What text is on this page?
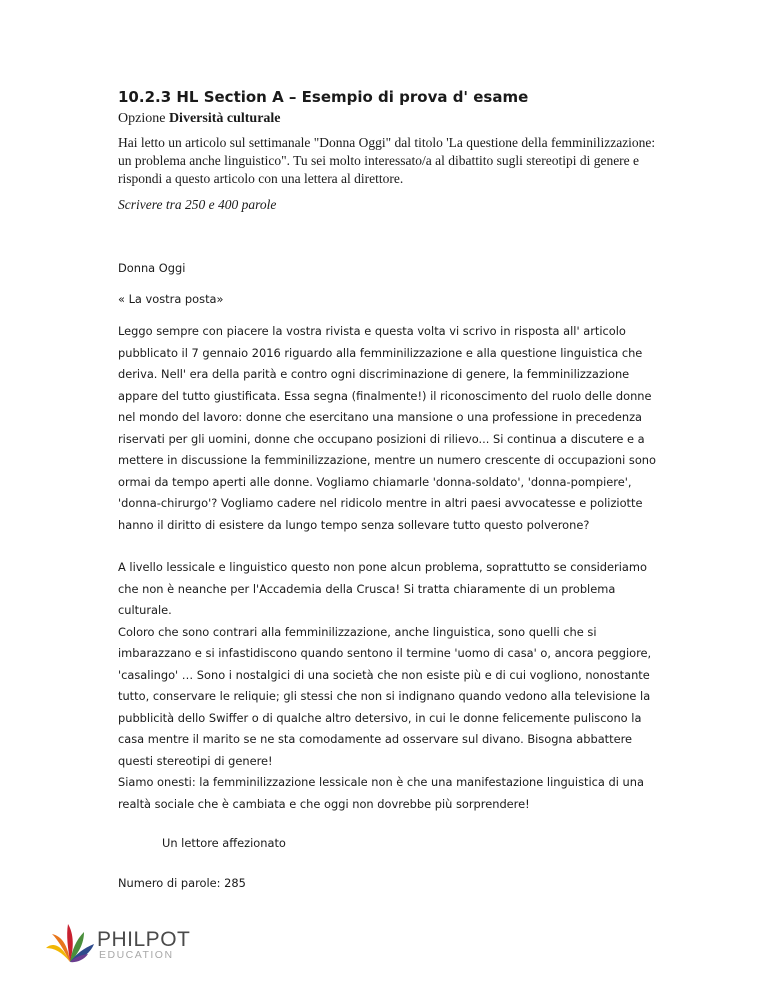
10.2.3 HL Section A – Esempio di prova d' esame
Opzione Diversità culturale
Hai letto un articolo sul settimanale "Donna Oggi" dal titolo 'La questione della femminilizzazione: un problema anche linguistico". Tu sei molto interessato/a al dibattito sugli stereotipi di genere e rispondi a questo articolo con una lettera al direttore.
Scrivere tra 250 e 400 parole

Donna Oggi

« La vostra posta»

Leggo sempre con piacere la vostra rivista e questa volta vi scrivo in risposta all' articolo pubblicato il 7 gennaio 2016 riguardo alla femminilizzazione e alla questione linguistica che deriva. Nell' era della parità e contro ogni discriminazione di genere, la femminilizzazione appare del tutto giustificata. Essa segna (finalmente!) il riconoscimento del ruolo delle donne nel mondo del lavoro: donne che esercitano una mansione o una professione in precedenza riservati per gli uomini, donne che occupano posizioni di rilievo... Si continua a discutere e a mettere in discussione la femminilizzazione, mentre un numero crescente di occupazioni sono ormai da tempo aperti alle donne. Vogliamo chiamarle 'donna-soldato', 'donna-pompiere', 'donna-chirurgo'? Vogliamo cadere nel ridicolo mentre in altri paesi avvocatesse e poliziotte hanno il diritto di esistere da lungo tempo senza sollevare tutto questo polverone?

A livello lessicale e linguistico questo non pone alcun problema, soprattutto se consideriamo che non è neanche per l'Accademia della Crusca! Si tratta chiaramente di un problema culturale.

Coloro che sono contrari alla femminilizzazione, anche linguistica, sono quelli che si imbarazzano e si infastidiscono quando sentono il termine 'uomo di casa' o, ancora peggiore, 'casalingo' … Sono i nostalgici di una società che non esiste più e di cui vogliono, nonostante tutto, conservare le reliquie; gli stessi che non si indignano quando vedono alla televisione la pubblicità dello Swiffer o di qualche altro detersivo, in cui le donne felicemente puliscono la casa mentre il marito se ne sta comodamente ad osservare sul divano. Bisogna abbattere questi stereotipi di genere!

Siamo onesti: la femminilizzazione lessicale non è che una manifestazione linguistica di una realtà sociale che è cambiata e che oggi non dovrebbe più sorprendere!

Un lettore affezionato

Numero di parole: 285

PHILPOT
EDUCATION
